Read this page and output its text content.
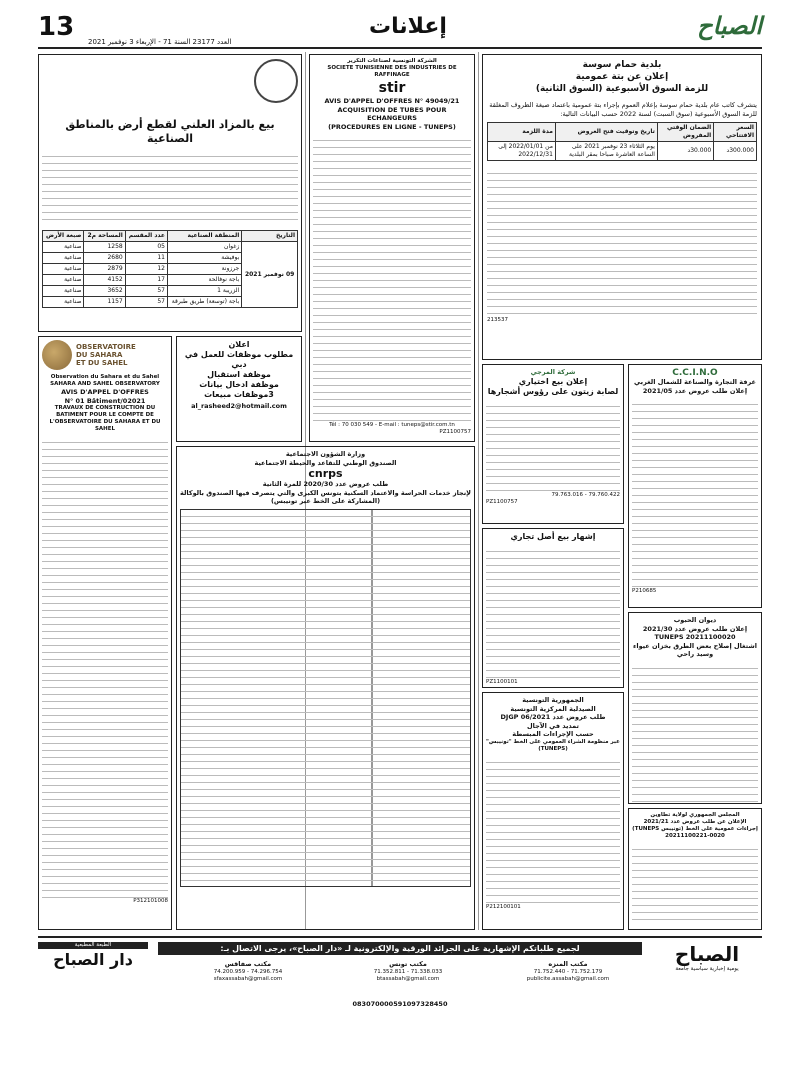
13 العدد 23177 السنة 71 - الإربعاء 3 نوفمبر 2021
إعلانات	الصباح
بلدية حمام سوسة
إعلان عن بتة عمومية
للزمة السوق الأسبوعية (السوق الثانية)
يتشرف كاتب عام بلدية حمام سوسة بإعلام العموم بإجراء بتة عمومية باعتماد صيغة الظروف المغلقة للزمة السوق الأسبوعية (سوق السبت) لسنة 2022 حسب البيانات التالية:
السعر الافتتاحي	الضمان الوقتي المفروض	تاريخ وتوقيت فتح العروض	مدة اللزمة
300.000د	30.000د	يوم الثلاثاء 23 نوفمبر 2021 على الساعة العاشرة صباحا بمقر البلدية	من 2022/01/01 إلى 2022/12/31
213537
C.C.I.N.O
غرفة التجارة والصناعة للشمال الغربي
إعلان طلب عروض عدد 2021/05
P210685
شركة المرجي
إعلان بيع اختياري
لصابة زيتون على رؤوس أشجارها
79.760.422 - 79.763.016
PZ1100757
إشهار بيع أصل تجاري
PZ1100101
ديوان الحبوب
إعلان طلب عروض عدد 2021/30
TUNEPS 20211100020
اشتغال إصلاح بعض الطرق بخزان عيواء وسيد راحي
الجمهورية التونسية
الصيدلية المركزية التونسية
طلب عروض عدد 06/2021 DJGP
تمديد في الآجال
حسب الإجراءات المبسطة
عبر منظومة الشراء العمومي على الخط "تونيبس" (TUNEPS)
P212100101
المجلس الجمهوري لولاية تطاوين
الإعلان عن طلب عروض عدد 2021/21
إجراءات عمومية على الخط (تونيبس TUNEPS)
20211100221-0020
الشركة التونسية لصناعات التكرير
SOCIETE TUNISIENNE DES INDUSTRIES DE RAFFINAGE
stir
AVIS D'APPEL D'OFFRES N° 49049/21
ACQUISITION DE TUBES POUR ECHANGEURS
(PROCEDURES EN LIGNE - TUNEPS)
Tél : 70 030 549 - E-mail : tuneps@stir.com.tn
PZ1100757
اعلان
مطلوب موظفات للعمل في دبي
موظفة استقبال
موظفة ادخال بيانات
3موظفات مبيعات
al_rasheed2@hotmail.com
وزارة الشؤون الاجتماعية
الصندوق الوطني للتقاعد والحيطة الاجتماعية
cnrps
طلب عروض عدد 2020/30 للمرة الثانية
لإنجاز خدمات الحراسة والاعتماد السكنية بتونس الكبرى والتي يتصرف فيها الصندوق بالوكالة
(المشاركة على الخط عبر تونيبس)
بيع بالمزاد العلني لقطع أرض بالمناطق الصناعية
التاريخ	المنطقة الصناعية	عدد المقسم	المساحة م2	صبغة الأرض
09 نوفمبر 2021	زغوان	05	1258	صناعية
	بوفيشة	11	2680	صناعية
	جرزونة	12	2879	صناعية
	باجة نوفالحة	17	4152	صناعية
	الزريبة 1	57	3652	صناعية
	باجة (توسعة) طريق طبرقة	57	1157	صناعية
OBSERVATOIRE
DU SAHARA
ET DU SAHEL
Observation du Sahara et du Sahel
SAHARA AND SAHEL OBSERVATORY
AVIS D'APPEL D'OFFRES
N° 01 Bâtiment/02021
TRAVAUX DE CONSTRUCTION DU BATIMENT POUR LE COMPTE DE L'OBSERVATOIRE DU SAHARA ET DU SAHEL
P312101008
لجميع طلباتكم الإشهارية على الجرائد الورقية والإلكترونية لـ «دار الصباح»، يرجى الاتصال بـ:
مكتب المنزه
71.752.179 - 71.752.440
publicite.assabah@gmail.com
مكتب تونس
71.338.033 - 71.352.811
btassabah@gmail.com
مكتب صفاقس
74.296.754 - 74.200.959
sfaxassabah@gmail.com
الصباح
يومية إخبارية سياسية جامعة
الطبعة المطبعية
دار الصباح
083070000591097328450
